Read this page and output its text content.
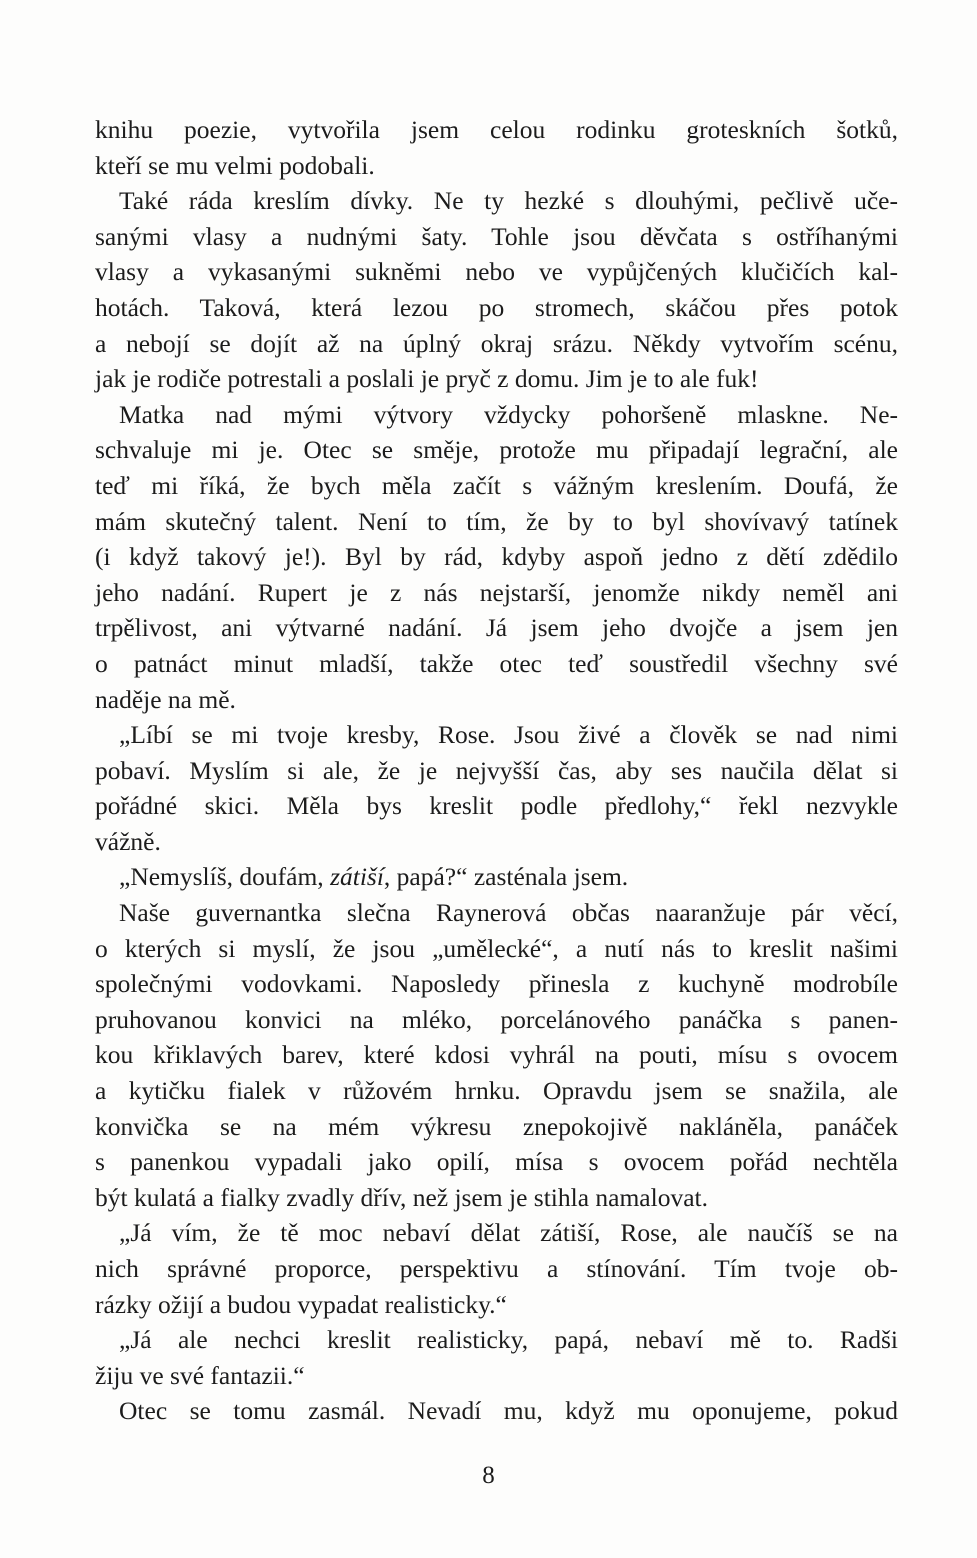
knihu poezie, vytvořila jsem celou rodinku groteskních šotků,
kteří se mu velmi podobali.
Také ráda kreslím dívky. Ne ty hezké s dlouhými, pečlivě uče-
sanými vlasy a nudnými šaty. Tohle jsou děvčata s ostříhanými
vlasy a vykasanými sukněmi nebo ve vypůjčených klučičích kal-
hotách. Taková, která lezou po stromech, skáčou přes potok
a nebojí se dojít až na úplný okraj srázu. Někdy vytvořím scénu,
jak je rodiče potrestali a poslali je pryč z domu. Jim je to ale fuk!
Matka nad mými výtvory vždycky pohoršeně mlaskne. Ne-
schvaluje mi je. Otec se směje, protože mu připadají legrační, ale
teď mi říká, že bych měla začít s vážným kreslením. Doufá, že
mám skutečný talent. Není to tím, že by to byl shovívavý tatínek
(i když takový je!). Byl by rád, kdyby aspoň jedno z dětí zdědilo
jeho nadání. Rupert je z nás nejstarší, jenomže nikdy neměl ani
trpělivost, ani výtvarné nadání. Já jsem jeho dvojče a jsem jen
o patnáct minut mladší, takže otec teď soustředil všechny své
naděje na mě.
„Líbí se mi tvoje kresby, Rose. Jsou živé a člověk se nad nimi
pobaví. Myslím si ale, že je nejvyšší čas, aby ses naučila dělat si
pořádné skici. Měla bys kreslit podle předlohy,“ řekl nezvykle
vážně.
„Nemyslíš, doufám, zátiší, papá?“ zasténala jsem.
Naše guvernantka slečna Raynerová občas naaranžuje pár věcí,
o kterých si myslí, že jsou „umělecké“, a nutí nás to kreslit našimi
společnými vodovkami. Naposledy přinesla z kuchyně modrobíle
pruhovanou konvici na mléko, porcelánového panáčka s panen-
kou křiklavých barev, které kdosi vyhrál na pouti, mísu s ovocem
a kytičku fialek v růžovém hrnku. Opravdu jsem se snažila, ale
konvička se na mém výkresu znepokojivě nakláněla, panáček
s panenkou vypadali jako opilí, mísa s ovocem pořád nechtěla
být kulatá a fialky zvadly dřív, než jsem je stihla namalovat.
„Já vím, že tě moc nebaví dělat zátiší, Rose, ale naučíš se na
nich správné proporce, perspektivu a stínování. Tím tvoje ob-
rázky ožijí a budou vypadat realisticky.“
„Já ale nechci kreslit realisticky, papá, nebaví mě to. Radši
žiju ve své fantazii.“
Otec se tomu zasmál. Nevadí mu, když mu oponujeme, pokud
8
